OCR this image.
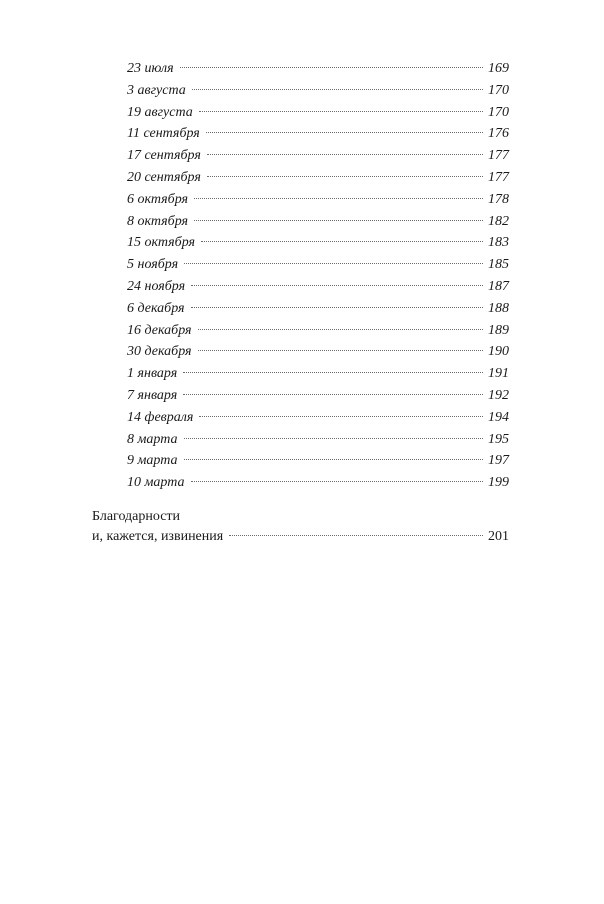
23 июля	169
3 августа	170
19 августа	170
11 сентября	176
17 сентября	177
20 сентября	177
6 октября	178
8 октября	182
15 октября	183
5 ноября	185
24 ноября	187
6 декабря	188
16 декабря	189
30 декабря	190
1 января	191
7 января	192
14 февраля	194
8 марта	195
9 марта	197
10 марта	199
Благодарности
и, кажется, извинения	201
